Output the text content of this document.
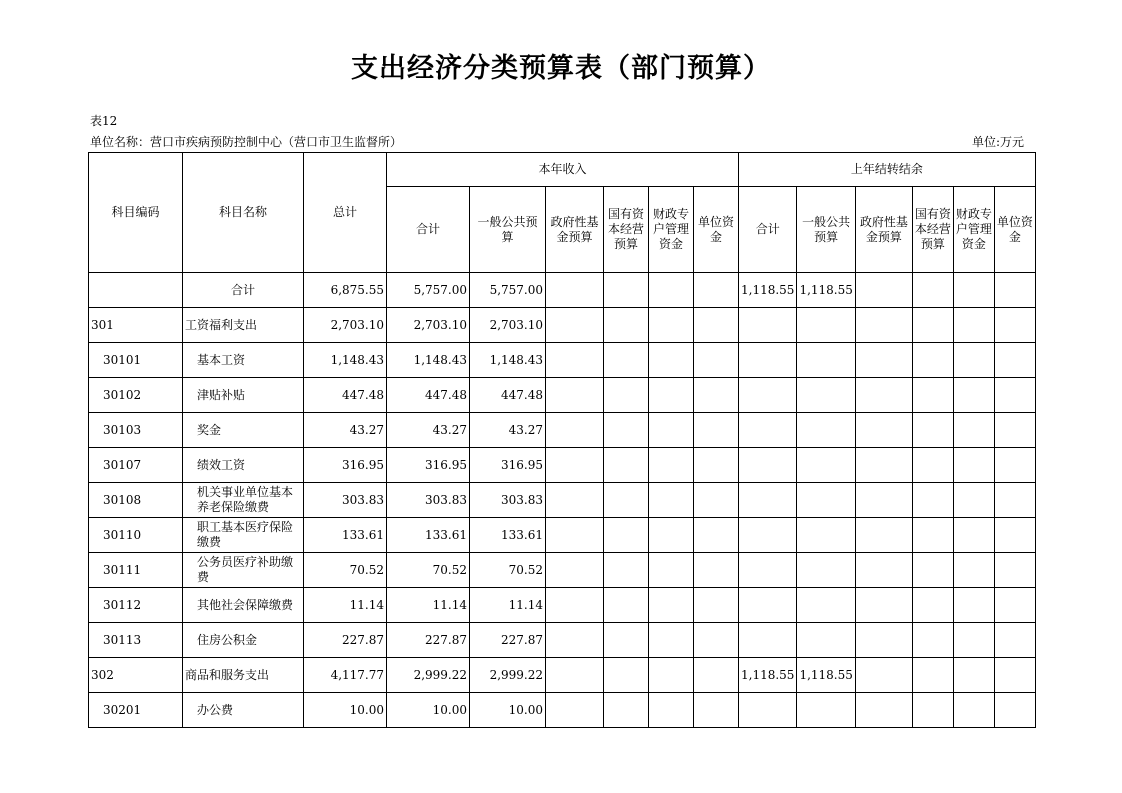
支出经济分类预算表（部门预算）
表12
单位名称：营口市疾病预防控制中心（营口市卫生监督所）	单位:万元
科目编码	科目名称	总计	本年收入						上年结转结余					
			合计	一般公共预算	政府性基金预算	国有资本经营预算	财政专户管理资金	单位资金	合计	一般公共预算	政府性基金预算	国有资本经营预算	财政专户管理资金	单位资金
	合计	6,875.55	5,757.00	5,757.00					1,118.55	1,118.55				
301	工资福利支出	2,703.10	2,703.10	2,703.10										
30101	基本工资	1,148.43	1,148.43	1,148.43										
30102	津贴补贴	447.48	447.48	447.48										
30103	奖金	43.27	43.27	43.27										
30107	绩效工资	316.95	316.95	316.95										
30108	机关事业单位基本养老保险缴费	303.83	303.83	303.83										
30110	职工基本医疗保险缴费	133.61	133.61	133.61										
30111	公务员医疗补助缴费	70.52	70.52	70.52										
30112	其他社会保障缴费	11.14	11.14	11.14										
30113	住房公积金	227.87	227.87	227.87										
302	商品和服务支出	4,117.77	2,999.22	2,999.22					1,118.55	1,118.55				
30201	办公费	10.00	10.00	10.00										
